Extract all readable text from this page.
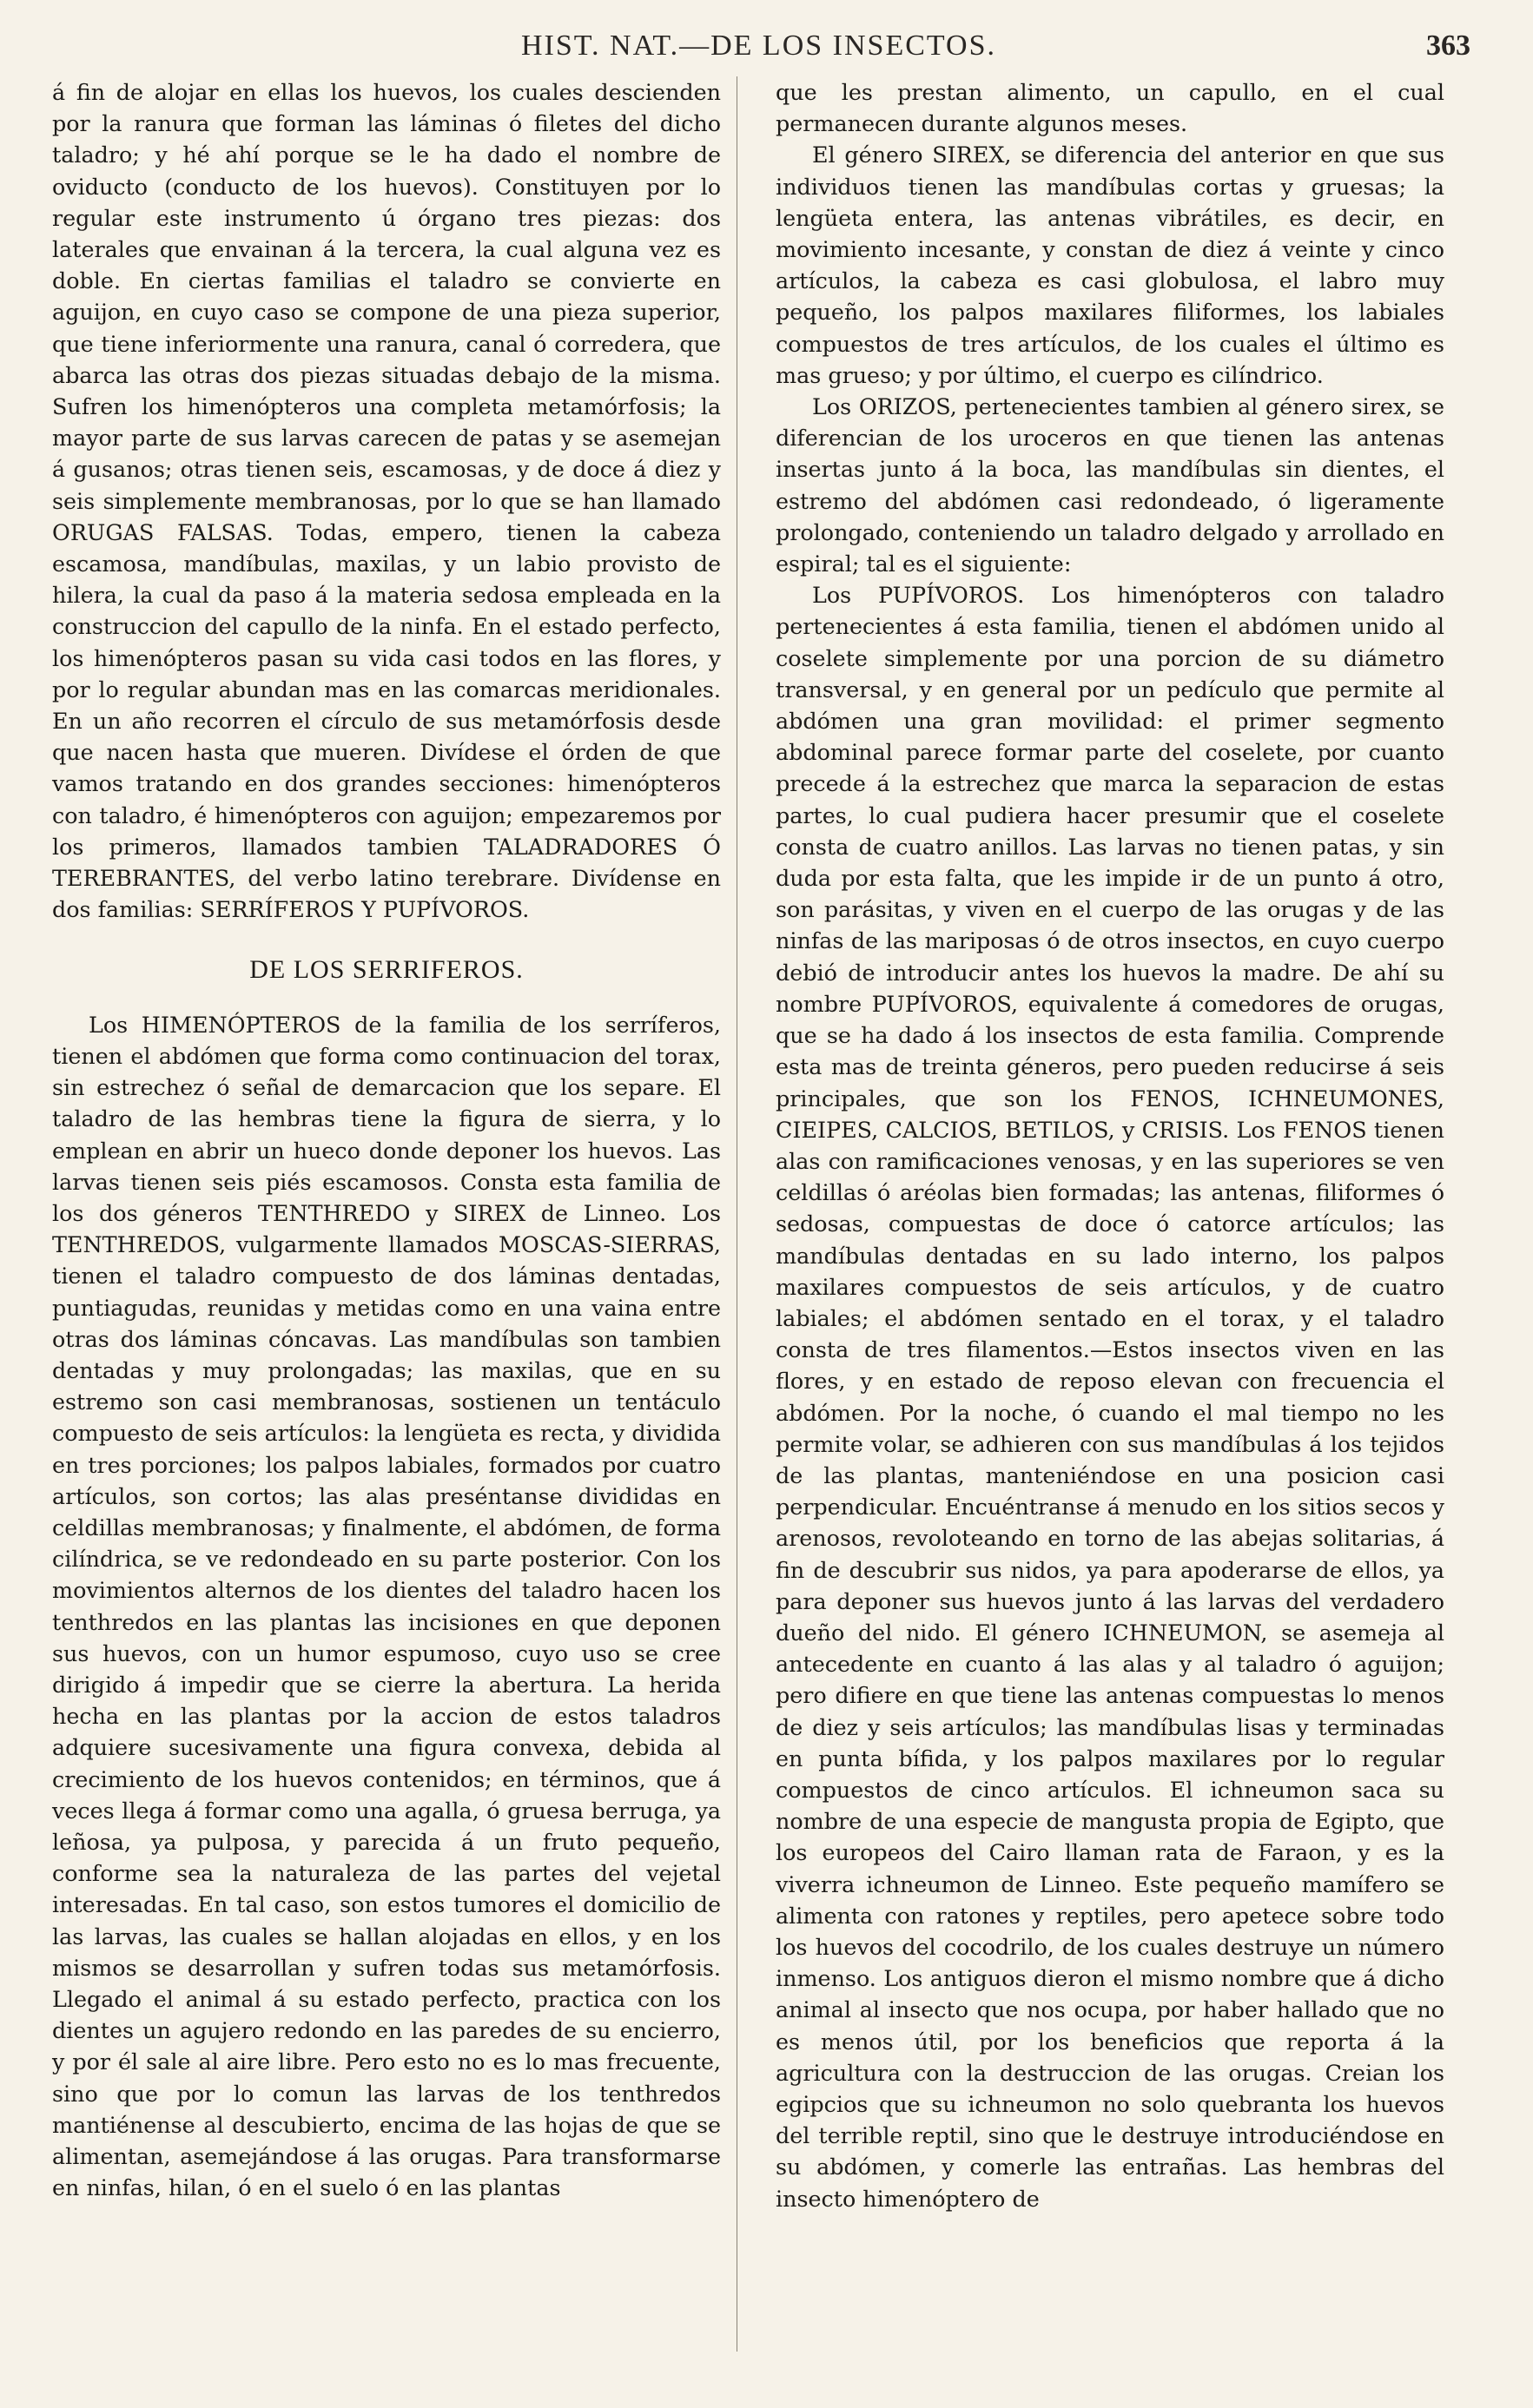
HIST. NAT.—DE LOS INSECTOS.	363

á fin de alojar en ellas los huevos, los cuales descienden por la ranura que forman las láminas ó filetes del dicho taladro; y hé ahí porque se le ha dado el nombre de oviducto (conducto de los huevos). Constituyen por lo regular este instrumento ú órgano tres piezas: dos laterales que envainan á la tercera, la cual alguna vez es doble. En ciertas familias el taladro se convierte en aguijon, en cuyo caso se compone de una pieza superior, que tiene inferiormente una ranura, canal ó corredera, que abarca las otras dos piezas situadas debajo de la misma. Sufren los himenópteros una completa metamórfosis; la mayor parte de sus larvas carecen de patas y se asemejan á gusanos; otras tienen seis, escamosas, y de doce á diez y seis simplemente membranosas, por lo que se han llamado ORUGAS FALSAS. Todas, empero, tienen la cabeza escamosa, mandíbulas, maxilas, y un labio provisto de hilera, la cual da paso á la materia sedosa empleada en la construccion del capullo de la ninfa. En el estado perfecto, los himenópteros pasan su vida casi todos en las flores, y por lo regular abundan mas en las comarcas meridionales. En un año recorren el círculo de sus metamórfosis desde que nacen hasta que mueren. Divídese el órden de que vamos tratando en dos grandes secciones: himenópteros con taladro, é himenópteros con aguijon; empezaremos por los primeros, llamados tambien TALADRADORES Ó TEREBRANTES, del verbo latino terebrare. Divídense en dos familias: SERRÍFEROS Y PUPÍVOROS.

DE LOS SERRIFEROS.

Los HIMENÓPTEROS de la familia de los serríferos, tienen el abdómen que forma como continuacion del torax, sin estrechez ó señal de demarcacion que los separe. El taladro de las hembras tiene la figura de sierra, y lo emplean en abrir un hueco donde deponer los huevos. Las larvas tienen seis piés escamosos. Consta esta familia de los dos géneros TENTHREDO y SIREX de Linneo. Los TENTHREDOS, vulgarmente llamados MOSCAS-SIERRAS, tienen el taladro compuesto de dos láminas dentadas, puntiagudas, reunidas y metidas como en una vaina entre otras dos láminas cóncavas. Las mandíbulas son tambien dentadas y muy prolongadas; las maxilas, que en su estremo son casi membranosas, sostienen un tentáculo compuesto de seis artículos: la lengüeta es recta, y dividida en tres porciones; los palpos labiales, formados por cuatro artículos, son cortos; las alas preséntanse divididas en celdillas membranosas; y finalmente, el abdómen, de forma cilíndrica, se ve redondeado en su parte posterior. Con los movimientos alternos de los dientes del taladro hacen los tenthredos en las plantas las incisiones en que deponen sus huevos, con un humor espumoso, cuyo uso se cree dirigido á impedir que se cierre la abertura. La herida hecha en las plantas por la accion de estos taladros adquiere sucesivamente una figura convexa, debida al crecimiento de los huevos contenidos; en términos, que á veces llega á formar como una agalla, ó gruesa berruga, ya leñosa, ya pulposa, y parecida á un fruto pequeño, conforme sea la naturaleza de las partes del vejetal interesadas. En tal caso, son estos tumores el domicilio de las larvas, las cuales se hallan alojadas en ellos, y en los mismos se desarrollan y sufren todas sus metamórfosis. Llegado el animal á su estado perfecto, practica con los dientes un agujero redondo en las paredes de su encierro, y por él sale al aire libre. Pero esto no es lo mas frecuente, sino que por lo comun las larvas de los tenthredos mantiénense al descubierto, encima de las hojas de que se alimentan, asemejándose á las orugas. Para transformarse en ninfas, hilan, ó en el suelo ó en las plantas

que les prestan alimento, un capullo, en el cual permanecen durante algunos meses.

El género SIREX, se diferencia del anterior en que sus individuos tienen las mandíbulas cortas y gruesas; la lengüeta entera, las antenas vibrátiles, es decir, en movimiento incesante, y constan de diez á veinte y cinco artículos, la cabeza es casi globulosa, el labro muy pequeño, los palpos maxilares filiformes, los labiales compuestos de tres artículos, de los cuales el último es mas grueso; y por último, el cuerpo es cilíndrico.

Los ORIZOS, pertenecientes tambien al género sirex, se diferencian de los uroceros en que tienen las antenas insertas junto á la boca, las mandíbulas sin dientes, el estremo del abdómen casi redondeado, ó ligeramente prolongado, conteniendo un taladro delgado y arrollado en espiral; tal es el siguiente:

Los PUPÍVOROS. Los himenópteros con taladro pertenecientes á esta familia, tienen el abdómen unido al coselete simplemente por una porcion de su diámetro transversal, y en general por un pedículo que permite al abdómen una gran movilidad: el primer segmento abdominal parece formar parte del coselete, por cuanto precede á la estrechez que marca la separacion de estas partes, lo cual pudiera hacer presumir que el coselete consta de cuatro anillos. Las larvas no tienen patas, y sin duda por esta falta, que les impide ir de un punto á otro, son parásitas, y viven en el cuerpo de las orugas y de las ninfas de las mariposas ó de otros insectos, en cuyo cuerpo debió de introducir antes los huevos la madre. De ahí su nombre PUPÍVOROS, equivalente á comedores de orugas, que se ha dado á los insectos de esta familia. Comprende esta mas de treinta géneros, pero pueden reducirse á seis principales, que son los FENOS, ICHNEUMONES, CIEIPES, CALCIOS, BETILOS, y CRISIS. Los FENOS tienen alas con ramificaciones venosas, y en las superiores se ven celdillas ó aréolas bien formadas; las antenas, filiformes ó sedosas, compuestas de doce ó catorce artículos; las mandíbulas dentadas en su lado interno, los palpos maxilares compuestos de seis artículos, y de cuatro labiales; el abdómen sentado en el torax, y el taladro consta de tres filamentos.—Estos insectos viven en las flores, y en estado de reposo elevan con frecuencia el abdómen. Por la noche, ó cuando el mal tiempo no les permite volar, se adhieren con sus mandíbulas á los tejidos de las plantas, manteniéndose en una posicion casi perpendicular. Encuéntranse á menudo en los sitios secos y arenosos, revoloteando en torno de las abejas solitarias, á fin de descubrir sus nidos, ya para apoderarse de ellos, ya para deponer sus huevos junto á las larvas del verdadero dueño del nido. El género ICHNEUMON, se asemeja al antecedente en cuanto á las alas y al taladro ó aguijon; pero difiere en que tiene las antenas compuestas lo menos de diez y seis artículos; las mandíbulas lisas y terminadas en punta bífida, y los palpos maxilares por lo regular compuestos de cinco artículos. El ichneumon saca su nombre de una especie de mangusta propia de Egipto, que los europeos del Cairo llaman rata de Faraon, y es la viverra ichneumon de Linneo. Este pequeño mamífero se alimenta con ratones y reptiles, pero apetece sobre todo los huevos del cocodrilo, de los cuales destruye un número inmenso. Los antiguos dieron el mismo nombre que á dicho animal al insecto que nos ocupa, por haber hallado que no es menos útil, por los beneficios que reporta á la agricultura con la destruccion de las orugas. Creian los egipcios que su ichneumon no solo quebranta los huevos del terrible reptil, sino que le destruye introduciéndose en su abdómen, y comerle las entrañas. Las hembras del insecto himenóptero de
